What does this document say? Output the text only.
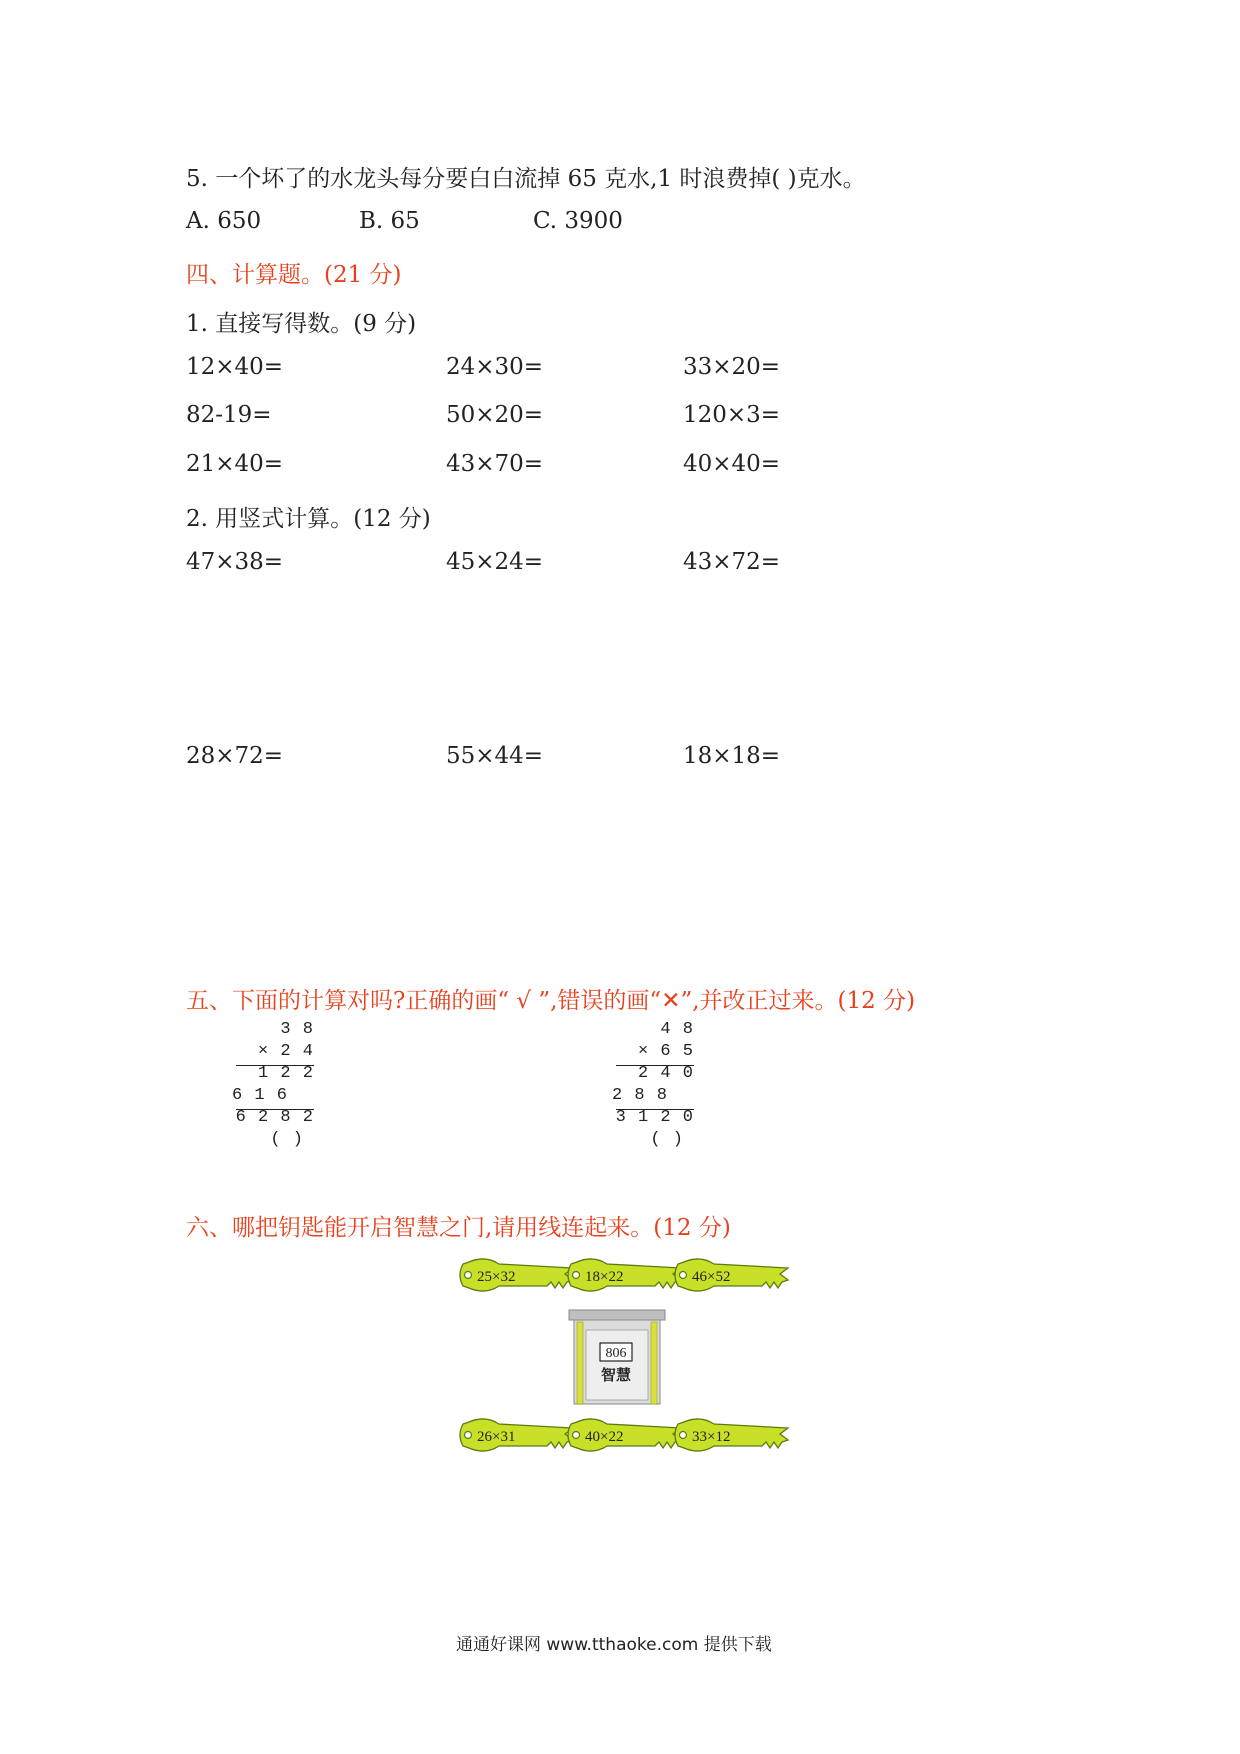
5. 一个坏了的水龙头每分要白白流掉 65 克水,1 时浪费掉( )克水。
A. 650	B. 65	C. 3900
四、计算题。(21 分)
1. 直接写得数。(9 分)
12×40=	24×30=	33×20=
82-19=	50×20=	120×3=
21×40=	43×70=	40×40=
2. 用竖式计算。(12 分)
47×38=	45×24=	43×72=
28×72=	55×44=	18×18=
五、下面的计算对吗?正确的画“ √ ”,错误的画“✕”,并改正过来。(12 分)
3 8
× 2 4
1 2 2
6 1 6
6 2 8 2
( )
4 8
× 6 5
2 4 0
2 8 8
3 1 2 0
( )
六、哪把钥匙能开启智慧之门,请用线连起来。(12 分)
25×32	18×22	46×52
806
智慧
26×31	40×22	33×12
通通好课网 www.tthaoke.com 提供下载
